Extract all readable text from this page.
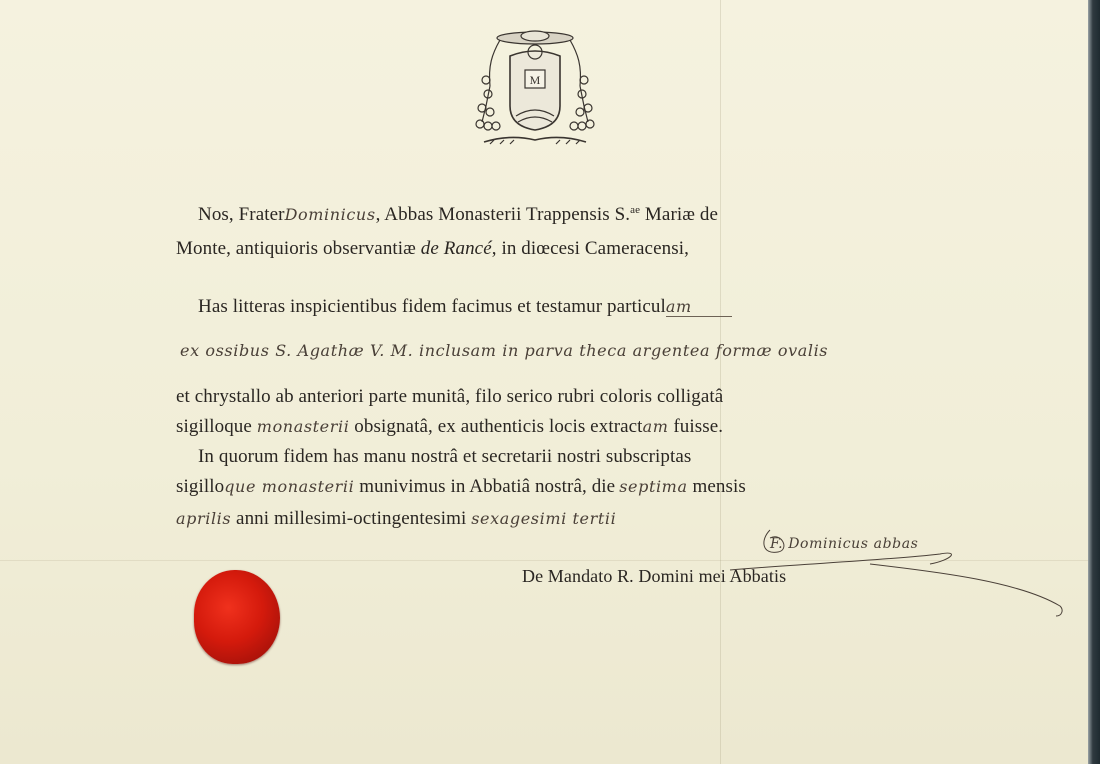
M
Nos, FraterDominicus, Abbas Monasterii Trappensis S.$^{ae}$ Mariæ de
Monte, antiquioris observantiæ de Rancé, in diœcesi Cameracensi,
Has litteras inspicientibus fidem facimus et testamur particulam
ex ossibus S. Agathæ V. M. inclusam in parva theca argentea formæ ovalis
et chrystallo ab anteriori parte munitâ, filo serico rubri coloris colligatâ
sigilloque monasterii obsignatâ, ex authenticis locis extractam fuisse.
In quorum fidem has manu nostrâ et secretarii nostri subscriptas
sigilloque monasterii munivimus in Abbatiâ nostrâ, die septima mensis
aprilis anni millesimi-octingentesimi sexagesimi tertii
F. Dominicus abbas
De Mandato R. Domini mei Abbatis
